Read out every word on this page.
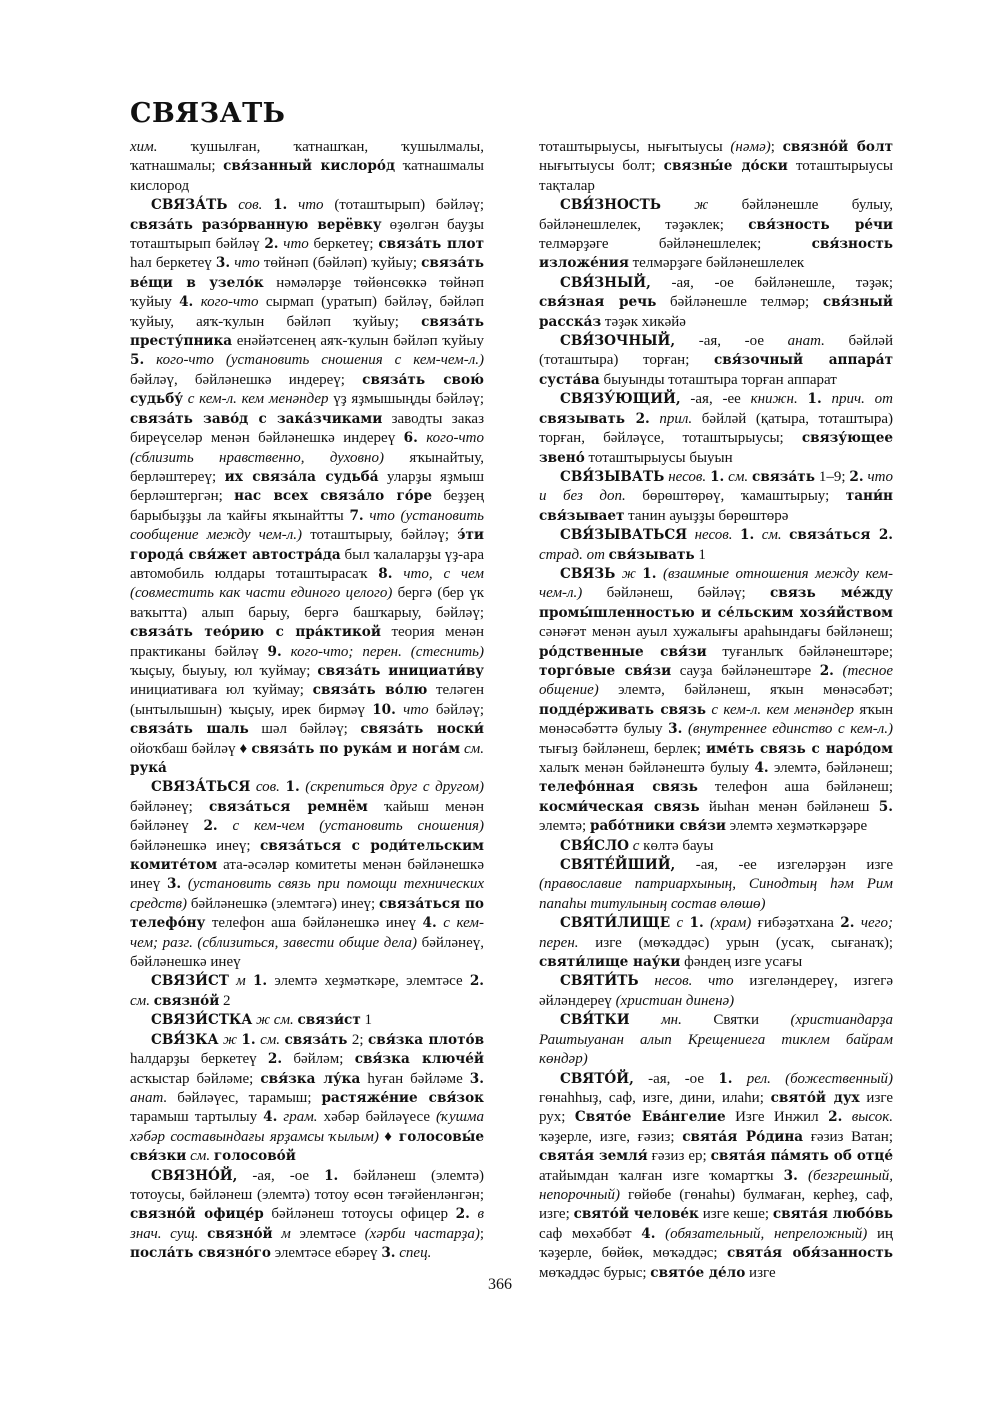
СВЯЗАТЬ

хим. ҡушылған, ҡатнашҡан, ҡушылмалы, ҡатнашмалы; свя́занный кислоро́д ҡатнашмалы кислород

СВЯЗА́ТЬ сов. 1. что (тоташтырып) бәйләү; связа́ть разо́рванную верёвку өҙөлгән бауҙы тоташтырып бәйләү 2. что беркетеү; связа́ть плот һал беркетеү 3. что төйнәп (бәйләп) ҡуйыу; связа́ть ве́щи в узело́к нәмәләрҙе төйөнсөккә төйнәп ҡуйыу 4. кого-что сырмап (уратып) бәйләү, бәйләп ҡуйыу, аяҡ-ҡулын бәйләп ҡуйыу; связа́ть престу́пника енәйәтсенең аяҡ-ҡулын бәйләп ҡуйыу 5. кого-что (установить сношения с кем-чем-л.) бәйләү, бәйләнешкә индереү; связа́ть свою́ судьбу́ с кем-л. кем менәндер үҙ яҙмышыңды бәйләү; связа́ть заво́д с зака́зчиками заводты заказ биреүселәр менән бәйләнешкә индереү 6. кого-что (сблизить нравственно, духовно) яҡынайтыу, берләштереү; их связа́ла судьба́ уларҙы яҙмыш берләштергән; нас всех связа́ло го́ре беҙҙең барыбыҙҙы ла ҡайғы яҡынайтты 7. что (установить сообщение между чем-л.) тоташтырыу, бәйләү; э́ти города́ свя́жет автостра́да был ҡалаларҙы үҙ-ара автомобиль юлдары тоташтырасаҡ 8. что, с чем (совместить как части единого целого) бергә (бер үк ваҡытта) алып барыу, бергә башҡарыу, бәйләү; связа́ть тео́рию с пра́ктикой теория менән практиканы бәйләү 9. кого-что; перен. (стеснить) ҡыҫыу, быуыу, юл ҡуймау; связа́ть инициати́ву инициативаға юл ҡуймау; связа́ть во́лю теләген (ынтылышын) ҡыҫыу, ирек бирмәү 10. что бәйләү; связа́ть шаль шәл бәйләү; связа́ть носки́ ойоҡбаш бәйләү ♦ связа́ть по рука́м и нога́м см. рука́

СВЯЗА́ТЬСЯ сов. 1. (скрепиться друг с другом) бәйләнеү; связа́ться ремнём ҡайыш менән бәйләнеү 2. с кем-чем (установить сношения) бәйләнешкә инеү; связа́ться с роди́тельским комите́том ата-әсәләр комитеты менән бәйләнешкә инеү 3. (установить связь при помощи технических средств) бәйләнешкә (элемтәгә) инеү; связа́ться по телефо́ну телефон аша бәйләнешкә инеү 4. с кем-чем; разг. (сблизиться, завести общие дела) бәйләнеү, бәйләнешкә инеү

СВЯЗИ́СТ м 1. элемтә хеҙмәткәре, элемтәсе 2. см. связно́й 2

СВЯЗИ́СТКА ж см. связи́ст 1

СВЯ́ЗКА ж 1. см. связа́ть 2; свя́зка плото́в һалдарҙы беркетеү 2. бәйләм; свя́зка ключе́й асҡыстар бәйләме; свя́зка лу́ка һуған бәйләме 3. анат. бәйләүес, тарамыш; растяже́ние свя́зок тарамыш тартылыу 4. грам. хәбәр бәйләүесе (ҡушма хәбәр составындағы ярҙамсы ҡылым) ♦ голосовы́е свя́зки см. голосово́й

СВЯЗНО́Й, -ая, -ое 1. бәйләнеш (элемтә) тотоусы, бәйләнеш (элемтә) тотоу өсөн тәғәйенләнгән; связно́й офице́р бәйләнеш тотоусы офицер 2. в знач. сущ. связно́й м элемтәсе (хәрби частарҙа); посла́ть связно́го элемтәсе ебәреү 3. спец.

тоташтырыусы, нығытыусы (нәмә); связно́й болт нығытыусы болт; связны́е до́ски тоташтырыусы тақталар

СВЯ́ЗНОСТЬ ж бәйләнешле булыу, бәйләнешлелек, тәҙәклек; свя́зность ре́чи телмәрҙәге бәйләнешлелек; свя́зность изложе́ния телмәрҙәге бәйләнешлелек

СВЯ́ЗНЫЙ, -ая, -ое бәйләнешле, тәҙәк; свя́зная речь бәйләнешле телмәр; свя́зный расска́з тәҙәк хикәйә

СВЯ́ЗОЧНЫЙ, -ая, -ое анат. бәйләй (тоташтыра) торған; свя́зочный аппара́т суста́ва быуынды тоташтыра торған аппарат

СВЯЗУ́ЮЩИЙ, -ая, -ее книжн. 1. прич. от связывать 2. прил. бәйләй (қатыра, тоташтыра) торған, бәйләүсе, тоташтырыусы; связу́ющее звено́ тоташтырыусы быуын

СВЯ́ЗЫВАТЬ несов. 1. см. связа́ть 1–9; 2. что и без доп. бөрөштөрөү, ҡамаштырыу; тани́н свя́зывает танин ауыҙҙы бөрөштөрә

СВЯ́ЗЫВАТЬСЯ несов. 1. см. связа́ться 2. страд. от свя́зывать 1

СВЯЗЬ ж 1. (взаимные отношения между кем-чем-л.) бәйләнеш, бәйләү; связь ме́жду промы́шленностью и се́льским хозя́йством сәнәғәт менән ауыл хужалығы араһындағы бәйләнеш; ро́дственные свя́зи туғанлыҡ бәйләнештәре; торго́вые свя́зи сауҙа бәйләнештәре 2. (тесное общение) элемтә, бәйләнеш, яҡын мөнәсәбәт; подде́рживать связь с кем-л. кем менәндер яҡын мөнәсәбәттә булыу 3. (внутреннее единство с кем-л.) тығыҙ бәйләнеш, берлек; име́ть связь с наро́дом халыҡ менән бәйләнештә булыу 4. элемтә, бәйләнеш; телефо́нная связь телефон аша бәйләнеш; косми́ческая связь йыһан менән бәйләнеш 5. элемтә; рабо́тники свя́зи элемтә хеҙмәткәрҙәре

СВЯ́СЛО с көлтә бауы

СВЯТЕ́ЙШИЙ, -ая, -ее изгеләрҙән изге (православие патриархының, Синодтың һәм Рим папаһы титулының состав өлөшө)

СВЯТИ́ЛИЩЕ с 1. (храм) ғибәҙәтхана 2. чего; перен. изге (мөҡәддәс) урын (усаҡ, сығанаҡ); святи́лище нау́ки фәндең изге усағы

СВЯТИ́ТЬ несов. что изгеләндереү, изгегә әйләндереү (христиан диненә)

СВЯ́ТКИ мн. Святки (христиандарҙа Раштыуанан алып Крещениега тиклем байрам көндәр)

СВЯТО́Й, -ая, -ое 1. рел. (божественный) гөнаһһыҙ, саф, изге, дини, илаһи; свято́й дух изге рух; Свято́е Ева́нгелие Изге Инжил 2. высок. ҡәҙерле, изге, ғәзиз; свята́я Ро́дина ғәзиз Ватан; свята́я земля́ ғәзиз ер; свята́я па́мять об отце́ атайымдан ҡалған изге ҡомартҡы 3. (безгрешный, непорочный) гөйөбе (гөнаһы) булмаған, керһеҙ, саф, изге; свято́й челове́к изге кеше; свята́я любо́вь саф мөхәббәт 4. (обязательный, непреложный) иң ҡәҙерле, бөйөк, мөҡәддәс; свята́я обя́занность мөҡәддәс бурыс; свято́е де́ло изге

366
